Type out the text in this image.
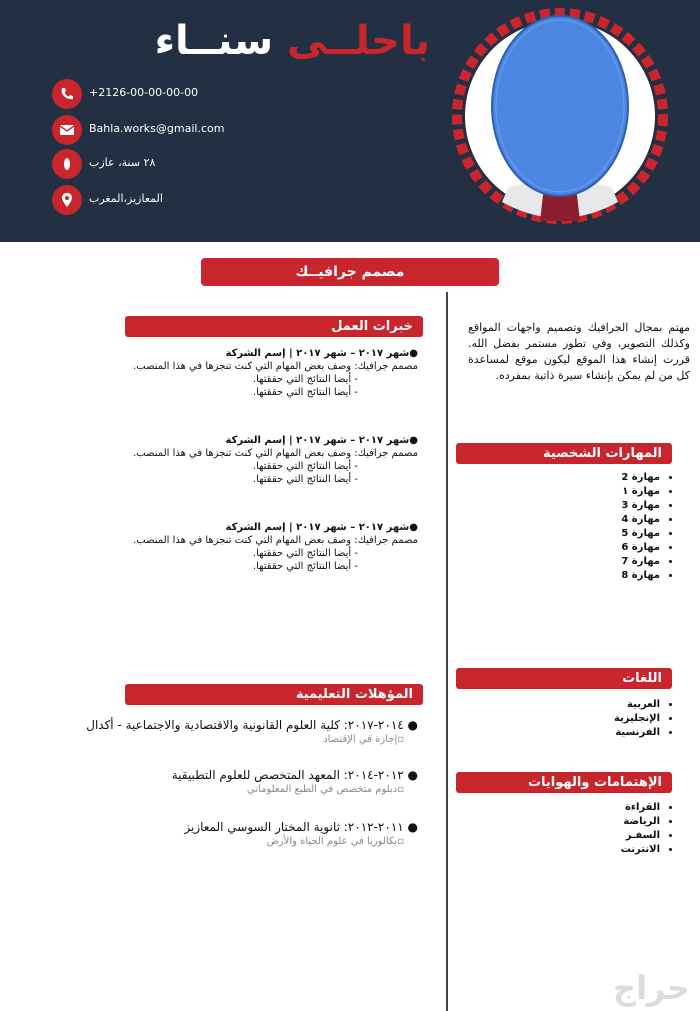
باحلــى سنــاء
+2126-00-00-00-00
Bahla.works@gmail.com
٢٨ سنة، عازب
المعازيز،المغرب
مصمم جرافيــك
مهتم بمجال الجرافيك وتصميم واجهات المواقع وكذلك التصوير، وفي تطور مستمر بفضل الله. قررت إنشاء هذا الموقع ليكون موقع لمساعدة كل من لم يمكن بإنشاء سيرة ذاتية بمفرده.
المهارات الشخصية
• مهارة 2
• مهارة ١
• مهارة 3
• مهارة 4
• مهارة 5
• مهارة 6
• مهارة 7
• مهارة 8
اللغات
• العربية
• الإنجليزية
• الفرنسية
الإهتمامات والهوايات
• القراءة
• الرياضة
• السفـر
• الانترنت
خبرات العمل
●شهر ٢٠١٧ – شهر ٢٠١٧ | إسم الشركة
مصمم جرافيك: وصف بعض المهام التي كنت تنجزها في هذا المنصب.
- أيضا النتائج التي حققتها.
- أيضا النتائج التي حققتها.
●شهر ٢٠١٧ – شهر ٢٠١٧ | إسم الشركة
مصمم جرافيك: وصف بعض المهام التي كنت تنجزها في هذا المنصب.
- أيضا النتائج التي حققتها.
- أيضا النتائج التي حققتها.
●شهر ٢٠١٧ – شهر ٢٠١٧ | إسم الشركة
مصمم جرافيك: وصف بعض المهام التي كنت تنجزها في هذا المنصب.
- أيضا النتائج التي حققتها.
- أيضا النتائج التي حققتها.
المؤهلات التعليمية
● ٢٠١٤-٢٠١٧: كلية العلوم القانونية والاقتصادية والاجتماعية - أكدال
▫إجازة في الإقتصاد
● ٢٠١٢-٢٠١٤: المعهد المتخصص للعلوم التطبيقية
▫دبلوم متخصص في الطبع المعلوماتي
● ٢٠١١-٢٠١٢: ثانوية المختار السوسي المعازيز
▫بكالوريا في علوم الحياة والأرض
حراج
